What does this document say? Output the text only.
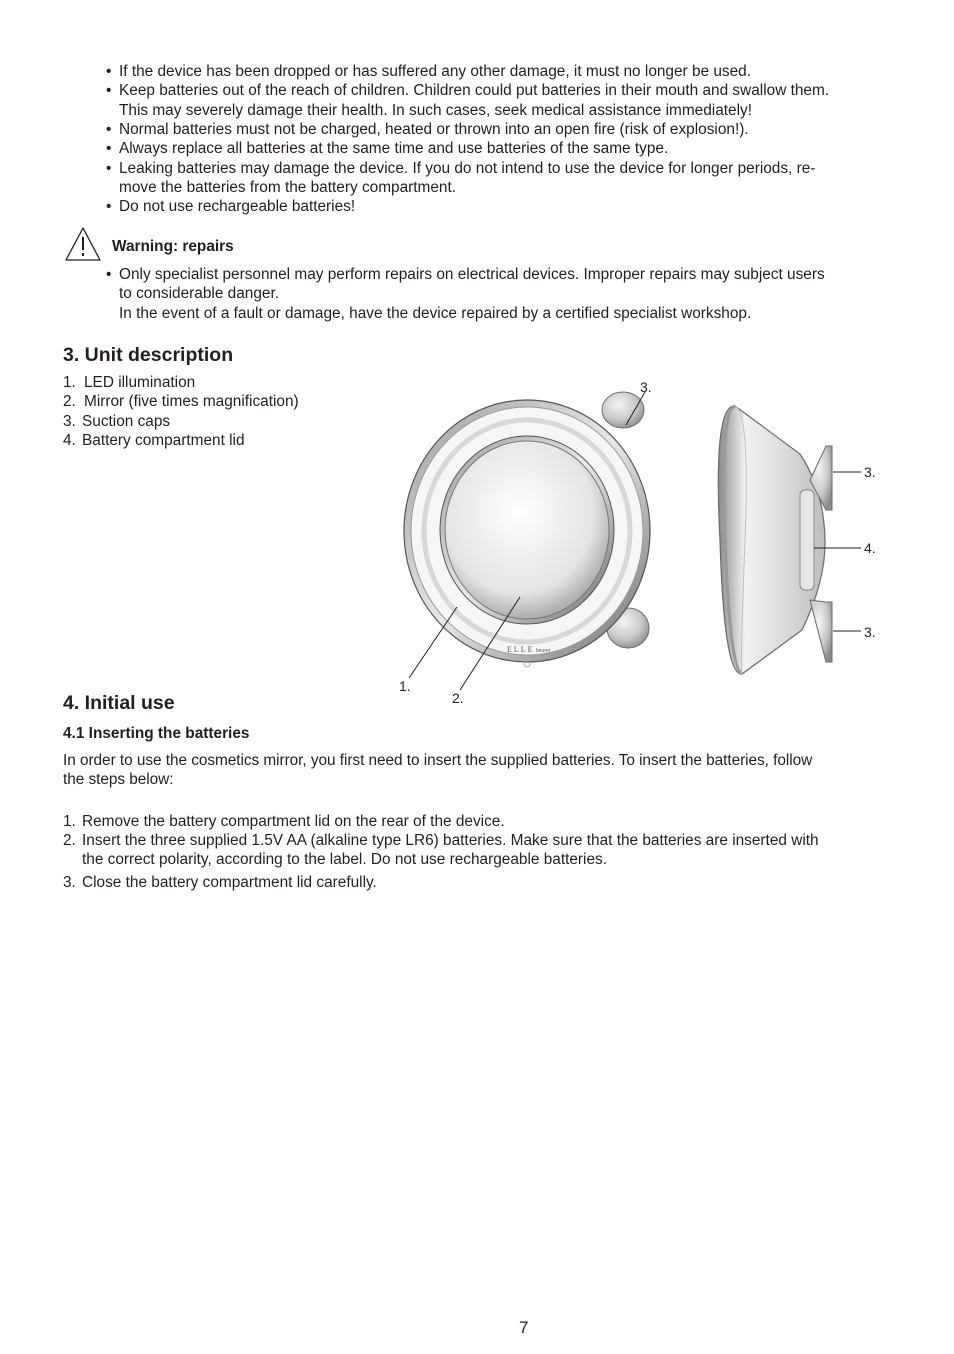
• If the device has been dropped or has suffered any other damage, it must no longer be used.
• Keep batteries out of the reach of children. Children could put batteries in their mouth and swallow them.
This may severely damage their health. In such cases, seek medical assistance immediately!
• Normal batteries must not be charged, heated or thrown into an open fire (risk of explosion!).
• Always replace all batteries at the same time and use batteries of the same type.
• Leaking batteries may damage the device. If you do not intend to use the device for longer periods, re-
move the batteries from the battery compartment.
• Do not use rechargeable batteries!
Warning: repairs
• Only specialist personnel may perform repairs on electrical devices. Improper repairs may subject users
to considerable danger.
In the event of a fault or damage, have the device repaired by a certified specialist workshop.
3. Unit description
1. LED illumination
2. Mirror (five times magnification)
3. Suction caps
4. Battery compartment lid
ELLE beurer
3.
1.
2.
3.
4.
3.
4. Initial use
4.1 Inserting the batteries
In order to use the cosmetics mirror, you first need to insert the supplied batteries. To insert the batteries, follow
the steps below:
1. Remove the battery compartment lid on the rear of the device.
2. Insert the three supplied 1.5V AA (alkaline type LR6) batteries. Make sure that the batteries are inserted with
the correct polarity, according to the label. Do not use rechargeable batteries.
3. Close the battery compartment lid carefully.
7
